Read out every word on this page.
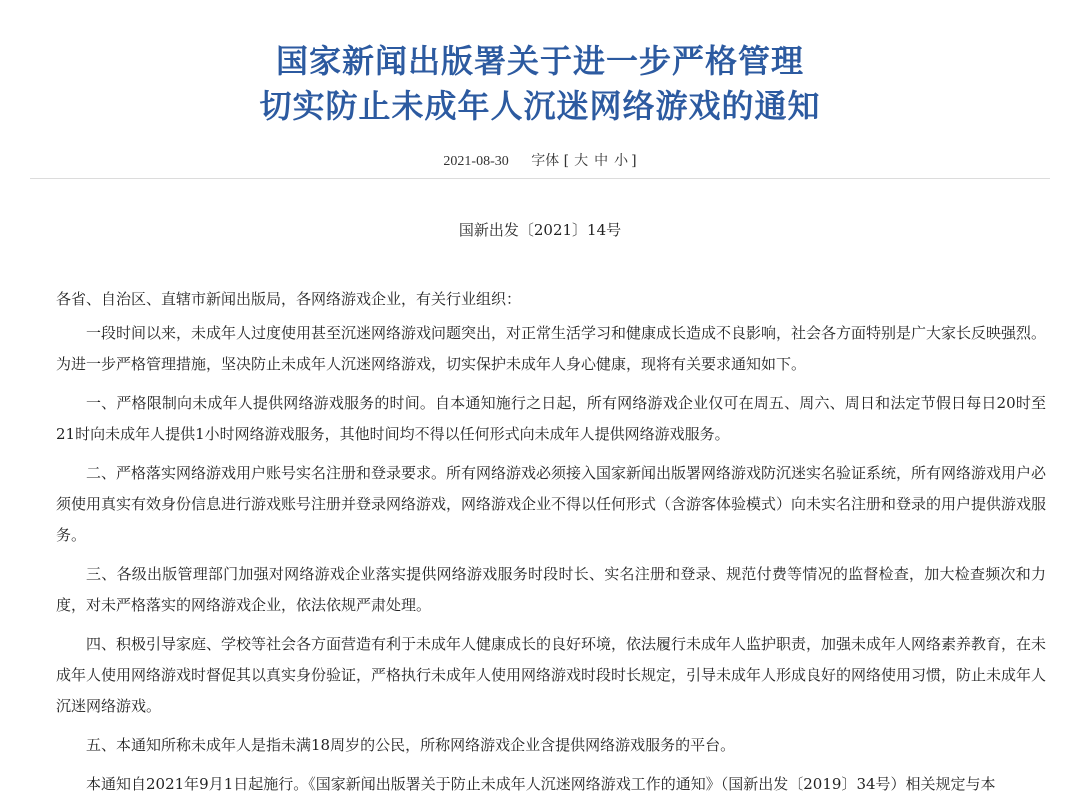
国家新闻出版署关于进一步严格管理
切实防止未成年人沉迷网络游戏的通知
2021-08-30 字体 [ 大 中 小 ]
国新出发〔2021〕14号

各省、自治区、直辖市新闻出版局，各网络游戏企业，有关行业组织：

一段时间以来，未成年人过度使用甚至沉迷网络游戏问题突出，对正常生活学习和健康成长造成不良影响，社会各方面特别是广大家长反映强烈。为进一步严格管理措施，坚决防止未成年人沉迷网络游戏，切实保护未成年人身心健康，现将有关要求通知如下。

一、严格限制向未成年人提供网络游戏服务的时间。自本通知施行之日起，所有网络游戏企业仅可在周五、周六、周日和法定节假日每日20时至21时向未成年人提供1小时网络游戏服务，其他时间均不得以任何形式向未成年人提供网络游戏服务。

二、严格落实网络游戏用户账号实名注册和登录要求。所有网络游戏必须接入国家新闻出版署网络游戏防沉迷实名验证系统，所有网络游戏用户必须使用真实有效身份信息进行游戏账号注册并登录网络游戏，网络游戏企业不得以任何形式（含游客体验模式）向未实名注册和登录的用户提供游戏服务。

三、各级出版管理部门加强对网络游戏企业落实提供网络游戏服务时段时长、实名注册和登录、规范付费等情况的监督检查，加大检查频次和力度，对未严格落实的网络游戏企业，依法依规严肃处理。

四、积极引导家庭、学校等社会各方面营造有利于未成年人健康成长的良好环境，依法履行未成年人监护职责，加强未成年人网络素养教育，在未成年人使用网络游戏时督促其以真实身份验证，严格执行未成年人使用网络游戏时段时长规定，引导未成年人形成良好的网络使用习惯，防止未成年人沉迷网络游戏。

五、本通知所称未成年人是指未满18周岁的公民，所称网络游戏企业含提供网络游戏服务的平台。

本通知自2021年9月1日起施行。《国家新闻出版署关于防止未成年人沉迷网络游戏工作的通知》（国新出发〔2019〕34号）相关规定与本
